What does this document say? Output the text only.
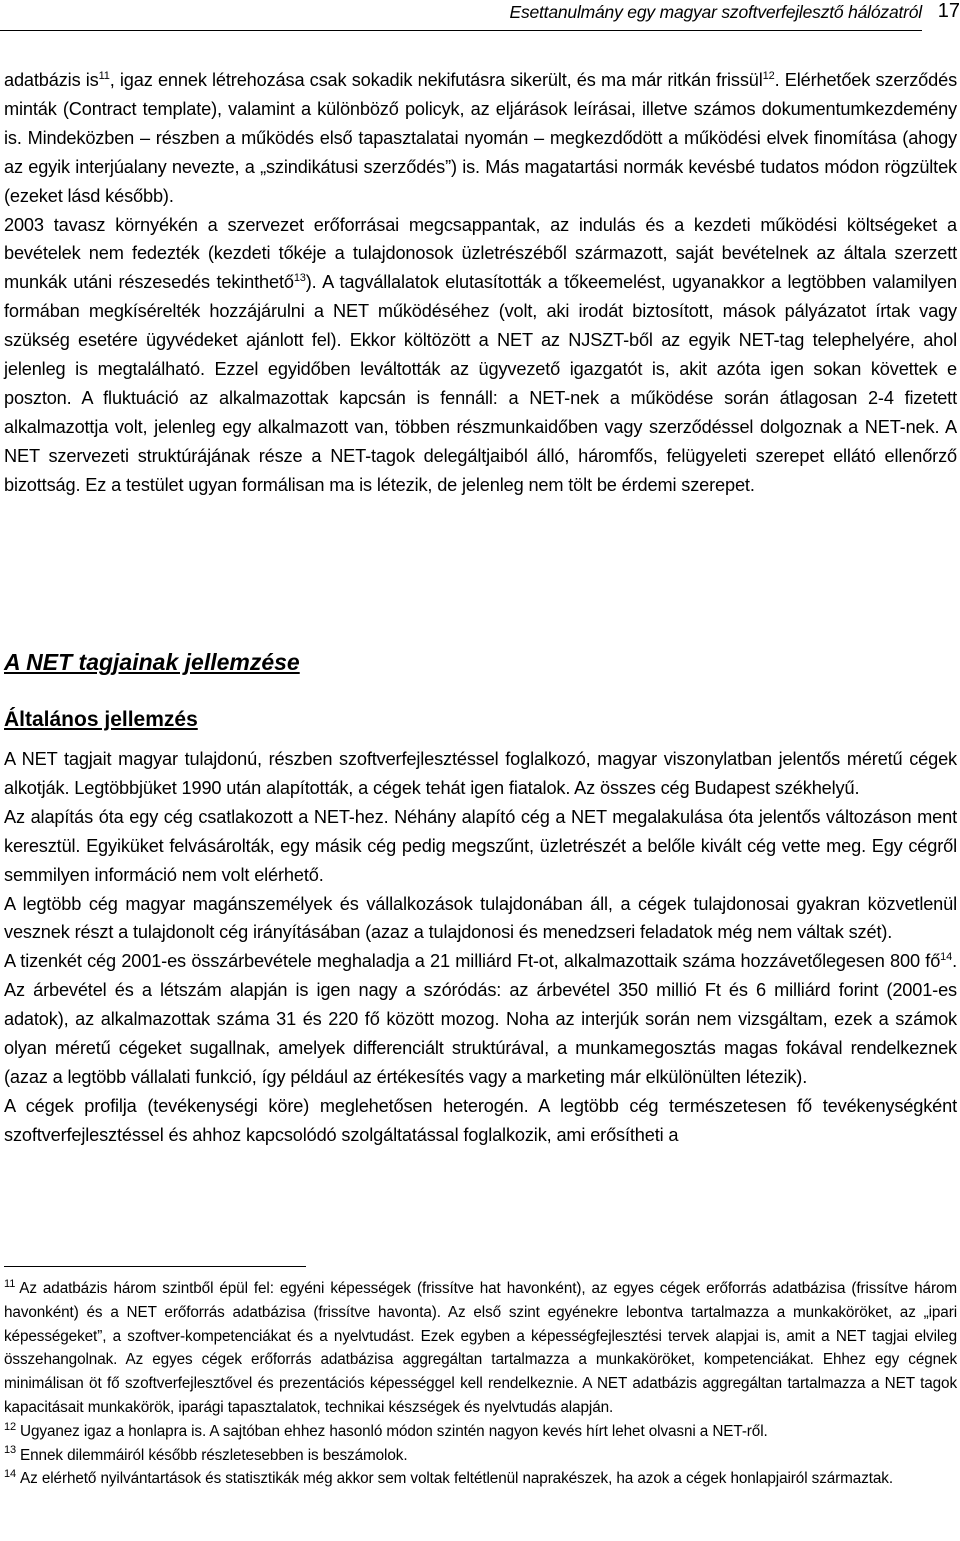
Esettanulmány egy magyar szoftverfejlesztő hálózatról 17

adatbázis $is^{11}$, igaz ennek létrehozása csak sokadik nekifutásra sikerült, és ma már ritkán frissül$^{12}$. Elérhetőek szerződés minták (Contract template), valamint a különböző policyk, az eljárások leírásai, illetve számos dokumentumkezdemény is. Mindeközben – részben a működés első tapasztalatai nyomán – megkezdődött a működési elvek finomítása (ahogy az egyik interjúalany nevezte, a „szindikátusi szerződés”) is. Más magatartási normák kevésbé tudatos módon rögzültek (ezeket lásd később).

2003 tavasz környékén a szervezet erőforrásai megcsappantak, az indulás és a kezdeti működési költségeket a bevételek nem fedezték (kezdeti tőkéje a tulajdonosok üzletrészéből származott, saját bevételnek az általa szerzett munkák utáni részesedés tekinthető$^{13}$). A tagvállalatok elutasították a tőkeemelést, ugyanakkor a legtöbben valamilyen formában megkísérelték hozzájárulni a NET működéséhez (volt, aki irodát biztosított, mások pályázatot írtak vagy szükség esetére ügyvédeket ajánlott fel). Ekkor költözött a NET az NJSZT-ből az egyik NET-tag telephelyére, ahol jelenleg is megtalálható. Ezzel egyidőben leváltották az ügyvezető igazgatót is, akit azóta igen sokan követtek e poszton. A fluktuáció az alkalmazottak kapcsán is fennáll: a NET-nek a működése során átlagosan 2-4 fizetett alkalmazottja volt, jelenleg egy alkalmazott van, többen részmunkaidőben vagy szerződéssel dolgoznak a NET-nek. A NET szervezeti struktúrájának része a NET-tagok delegáltjaiból álló, háromfős, felügyeleti szerepet ellátó ellenőrző bizottság. Ez a testület ugyan formálisan ma is létezik, de jelenleg nem tölt be érdemi szerepet.

A NET tagjainak jellemzése
Általános jellemzés

A NET tagjait magyar tulajdonú, részben szoftverfejlesztéssel foglalkozó, magyar viszonylatban jelentős méretű cégek alkotják. Legtöbbjüket 1990 után alapították, a cégek tehát igen fiatalok. Az összes cég Budapest székhelyű.

Az alapítás óta egy cég csatlakozott a NET-hez. Néhány alapító cég a NET megalakulása óta jelentős változáson ment keresztül. Egyiküket felvásárolták, egy másik cég pedig megszűnt, üzletrészét a belőle kivált cég vette meg. Egy cégről semmilyen információ nem volt elérhető.

A legtöbb cég magyar magánszemélyek és vállalkozások tulajdonában áll, a cégek tulajdonosai gyakran közvetlenül vesznek részt a tulajdonolt cég irányításában (azaz a tulajdonosi és menedzseri feladatok még nem váltak szét).

A tizenkét cég 2001-es összárbevétele meghaladja a 21 milliárd Ft-ot, alkalmazottaik száma hozzávetőlegesen 800 $fő^{14}$. Az árbevétel és a létszám alapján is igen nagy a szóródás: az árbevétel 350 millió Ft és 6 milliárd forint (2001-es adatok), az alkalmazottak száma 31 és 220 fő között mozog. Noha az interjúk során nem vizsgáltam, ezek a számok olyan méretű cégeket sugallnak, amelyek differenciált struktúrával, a munkamegosztás magas fokával rendelkeznek (azaz a legtöbb vállalati funkció, így például az értékesítés vagy a marketing már elkülönülten létezik).

A cégek profilja (tevékenységi köre) meglehetősen heterogén. A legtöbb cég természetesen fő tevékenységként szoftverfejlesztéssel és ahhoz kapcsolódó szolgáltatással foglalkozik, ami erősítheti a

$^{11}$ Az adatbázis három szintből épül fel: egyéni képességek (frissítve hat havonként), az egyes cégek erőforrás adatbázisa (frissítve három havonként) és a NET erőforrás adatbázisa (frissítve havonta). Az első szint egyénekre lebontva tartalmazza a munkaköröket, az „ipari képességeket”, a szoftver-kompetenciákat és a nyelvtudást. Ezek egyben a képességfejlesztési tervek alapjai is, amit a NET tagjai elvileg összehangolnak. Az egyes cégek erőforrás adatbázisa aggregáltan tartalmazza a munkaköröket, kompetenciákat. Ehhez egy cégnek minimálisan öt fő szoftverfejlesztővel és prezentációs képességgel kell rendelkeznie. A NET adatbázis aggregáltan tartalmazza a NET tagok kapacitásait munkakörök, iparági tapasztalatok, technikai készségek és nyelvtudás alapján.

$^{12}$ Ugyanez igaz a honlapra is. A sajtóban ehhez hasonló módon szintén nagyon kevés hírt lehet olvasni a NET-ről.

$^{13}$ Ennek dilemmáiról később részletesebben is beszámolok.

$^{14}$ Az elérhető nyilvántartások és statisztikák még akkor sem voltak feltétlenül naprakészek, ha azok a cégek honlapjairól származtak.
